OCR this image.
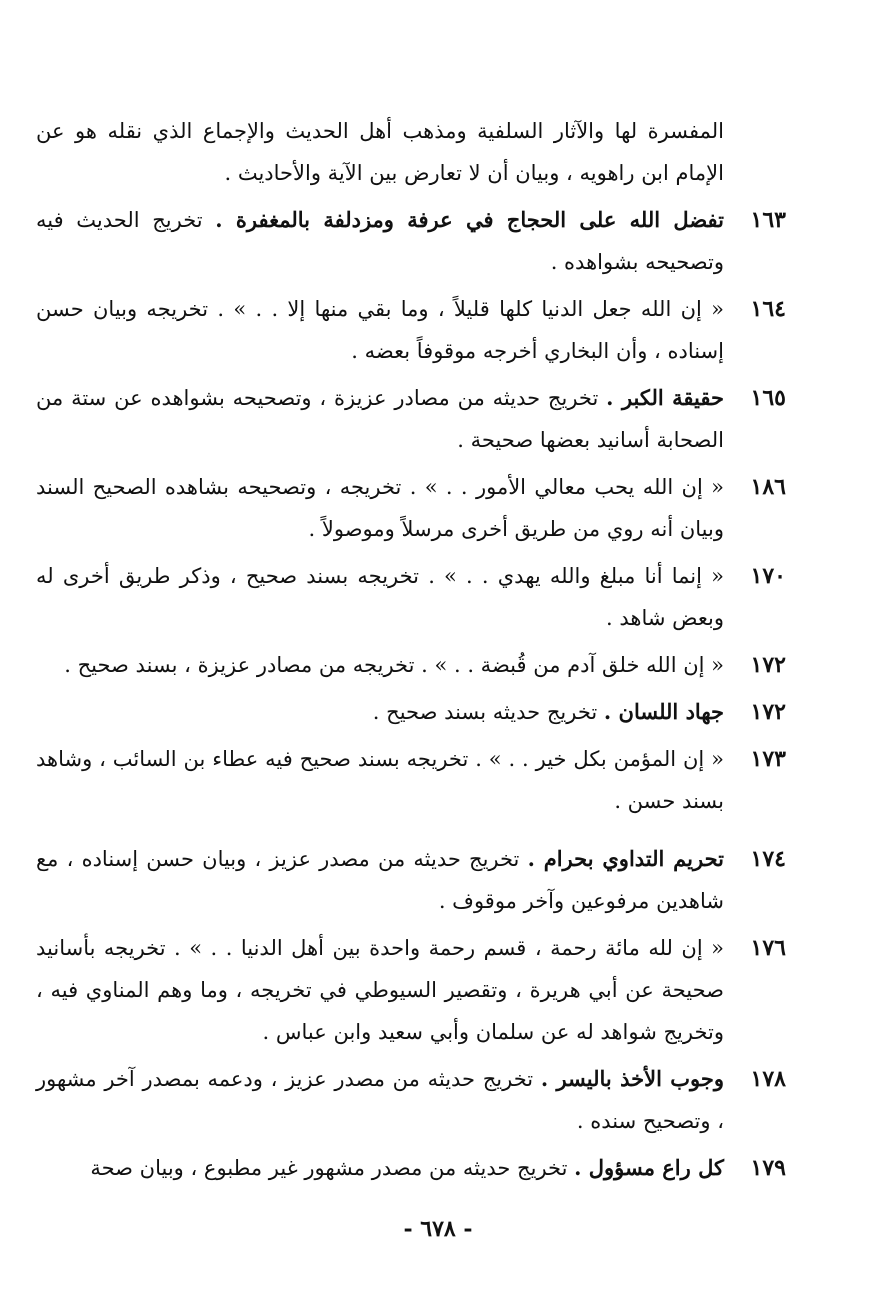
المفسرة لها والآثار السلفية ومذهب أهل الحديث والإجماع الذي نقله هو عن الإمام ابن راهويه ، وبيان أن لا تعارض بين الآية والأحاديث .
١٦٣
تفضل الله على الحجاج في عرفة ومزدلفة بالمغفرة . تخريج الحديث فيه وتصحيحه بشواهده .
١٦٤
« إن الله جعل الدنيا كلها قليلاً ، وما بقي منها إلا . . » . تخريجه وبيان حسن إسناده ، وأن البخاري أخرجه موقوفاً بعضه .
١٦٥
حقيقة الكبر . تخريج حديثه من مصادر عزيزة ، وتصحيحه بشواهده عن ستة من الصحابة أسانيد بعضها صحيحة .
١٨٦
« إن الله يحب معالي الأمور . . » . تخريجه ، وتصحيحه بشاهده الصحيح السند وبيان أنه روي من طريق أخرى مرسلاً وموصولاً .
١٧٠
« إنما أنا مبلغ والله يهدي . . » . تخريجه بسند صحيح ، وذكر طريق أخرى له وبعض شاهد .
١٧٢
« إن الله خلق آدم من قُبضة . . » . تخريجه من مصادر عزيزة ، بسند صحيح .
١٧٢
جهاد اللسان . تخريج حديثه بسند صحيح .
١٧٣
« إن المؤمن بكل خير . . » . تخريجه بسند صحيح فيه عطاء بن السائب ، وشاهد بسند حسن .
١٧٤
تحريم التداوي بحرام . تخريج حديثه من مصدر عزيز ، وبيان حسن إسناده ، مع شاهدين مرفوعين وآخر موقوف .
١٧٦
« إن لله مائة رحمة ، قسم رحمة واحدة بين أهل الدنيا . . » . تخريجه بأسانيد صحيحة عن أبي هريرة ، وتقصير السيوطي في تخريجه ، وما وهم المناوي فيه ، وتخريج شواهد له عن سلمان وأبي سعيد وابن عباس .
١٧٨
وجوب الأخذ باليسر . تخريج حديثه من مصدر عزيز ، ودعمه بمصدر آخر مشهور ، وتصحيح سنده .
١٧٩
كل راع مسؤول . تخريج حديثه من مصدر مشهور غير مطبوع ، وبيان صحة
- ٦٧٨ -
